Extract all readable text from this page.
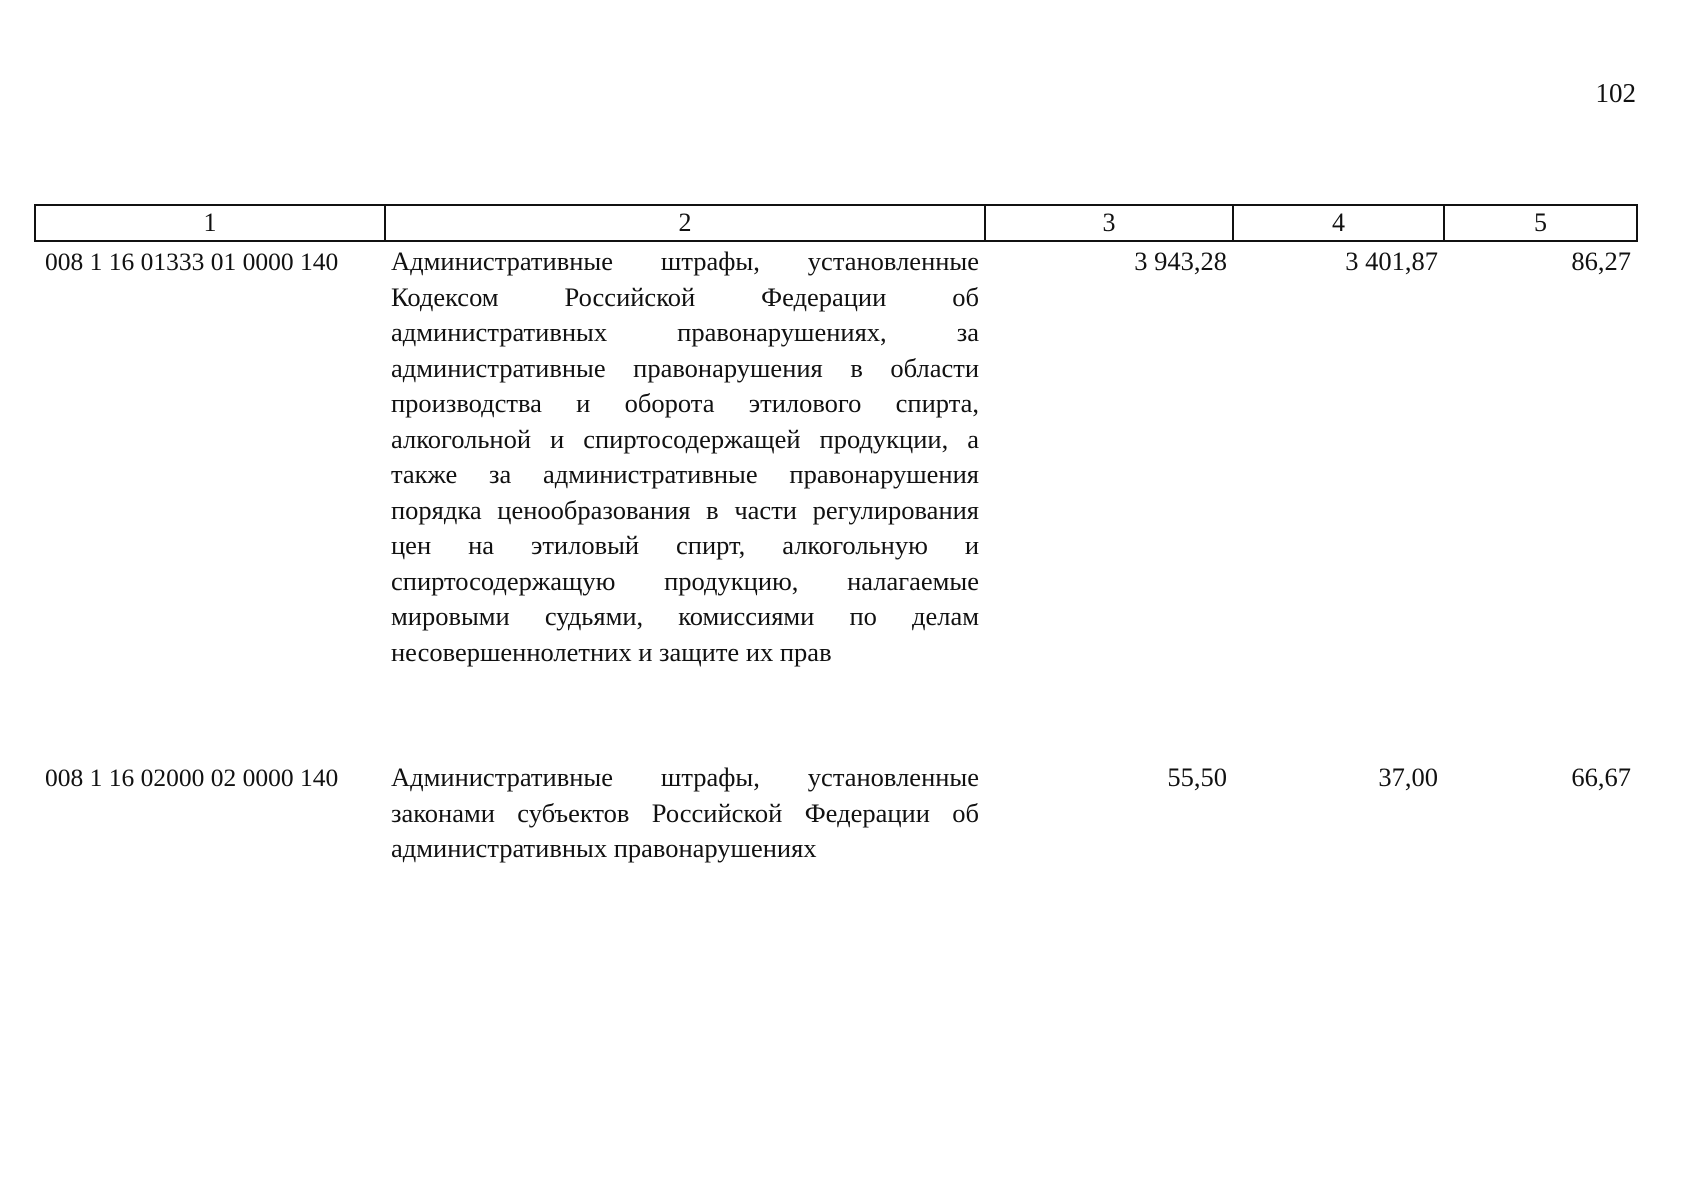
102
1	2	3	4	5
008 1 16 01333 01 0000 140	Административные штрафы, установленные Кодексом Российской Федерации об административных правонарушениях, за административные правонарушения в области производства и оборота этилового спирта, алкогольной и спиртосодержащей продукции, а также за административные правонарушения порядка ценообразования в части регулирования цен на этиловый спирт, алкогольную и спиртосодержащую продукцию, налагаемые мировыми судьями, комиссиями по делам несовершеннолетних и защите их прав	3 943,28	3 401,87	86,27
008 1 16 02000 02 0000 140	Административные штрафы, установленные законами субъектов Российской Федерации об административных правонарушениях	55,50	37,00	66,67
